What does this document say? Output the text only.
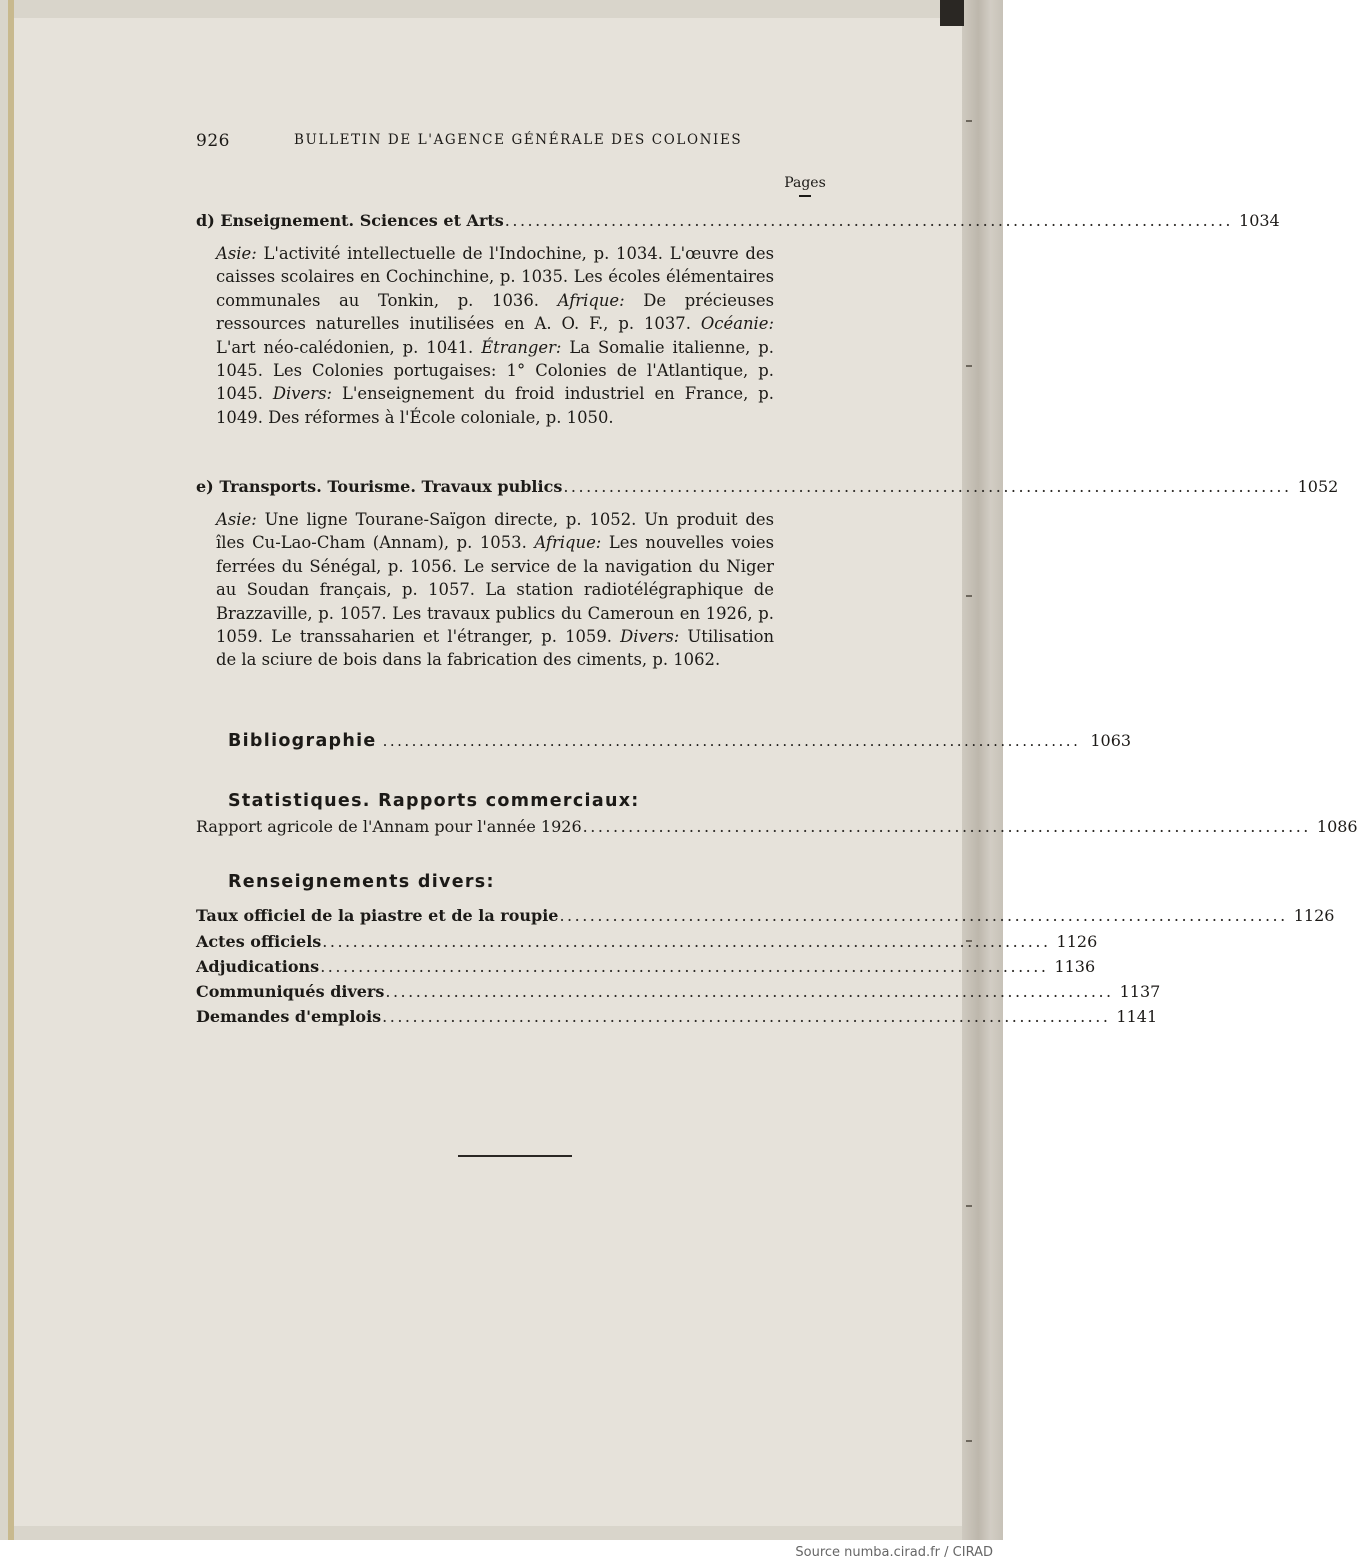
926	BULLETIN DE L'AGENCE GÉNÉRALE DES COLONIES
Pages
d) Enseignement. Sciences et Arts ................................................................................................ 1034

Asie: L'activité intellectuelle de l'Indochine, p. 1034. L'œuvre des caisses scolaires en Cochinchine, p. 1035. Les écoles élémentaires communales au Tonkin, p. 1036. Afrique: De précieuses ressources naturelles inutilisées en A. O. F., p. 1037. Océanie: L'art néo-calédonien, p. 1041. Étranger: La Somalie italienne, p. 1045. Les Colonies portugaises: 1° Colonies de l'Atlantique, p. 1045. Divers: L'enseignement du froid industriel en France, p. 1049. Des réformes à l'École coloniale, p. 1050.

e) Transports. Tourisme. Travaux publics ................................................................................................ 1052

Asie: Une ligne Tourane-Saïgon directe, p. 1052. Un produit des îles Cu-Lao-Cham (Annam), p. 1053. Afrique: Les nouvelles voies ferrées du Sénégal, p. 1056. Le service de la navigation du Niger au Soudan français, p. 1057. La station radiotélégraphique de Brazzaville, p. 1057. Les travaux publics du Cameroun en 1926, p. 1059. Le transsaharien et l'étranger, p. 1059. Divers: Utilisation de la sciure de bois dans la fabrication des ciments, p. 1062.

Bibliographie ................................................................................................ 1063
Statistiques. Rapports commerciaux:
Rapport agricole de l'Annam pour l'année 1926 ................................................................................................ 1086
Renseignements divers:
Taux officiel de la piastre et de la roupie ................................................................................................ 1126
Actes officiels ................................................................................................ 1126
Adjudications ................................................................................................ 1136
Communiqués divers ................................................................................................ 1137
Demandes d'emplois ................................................................................................ 1141
Source numba.cirad.fr / CIRAD
